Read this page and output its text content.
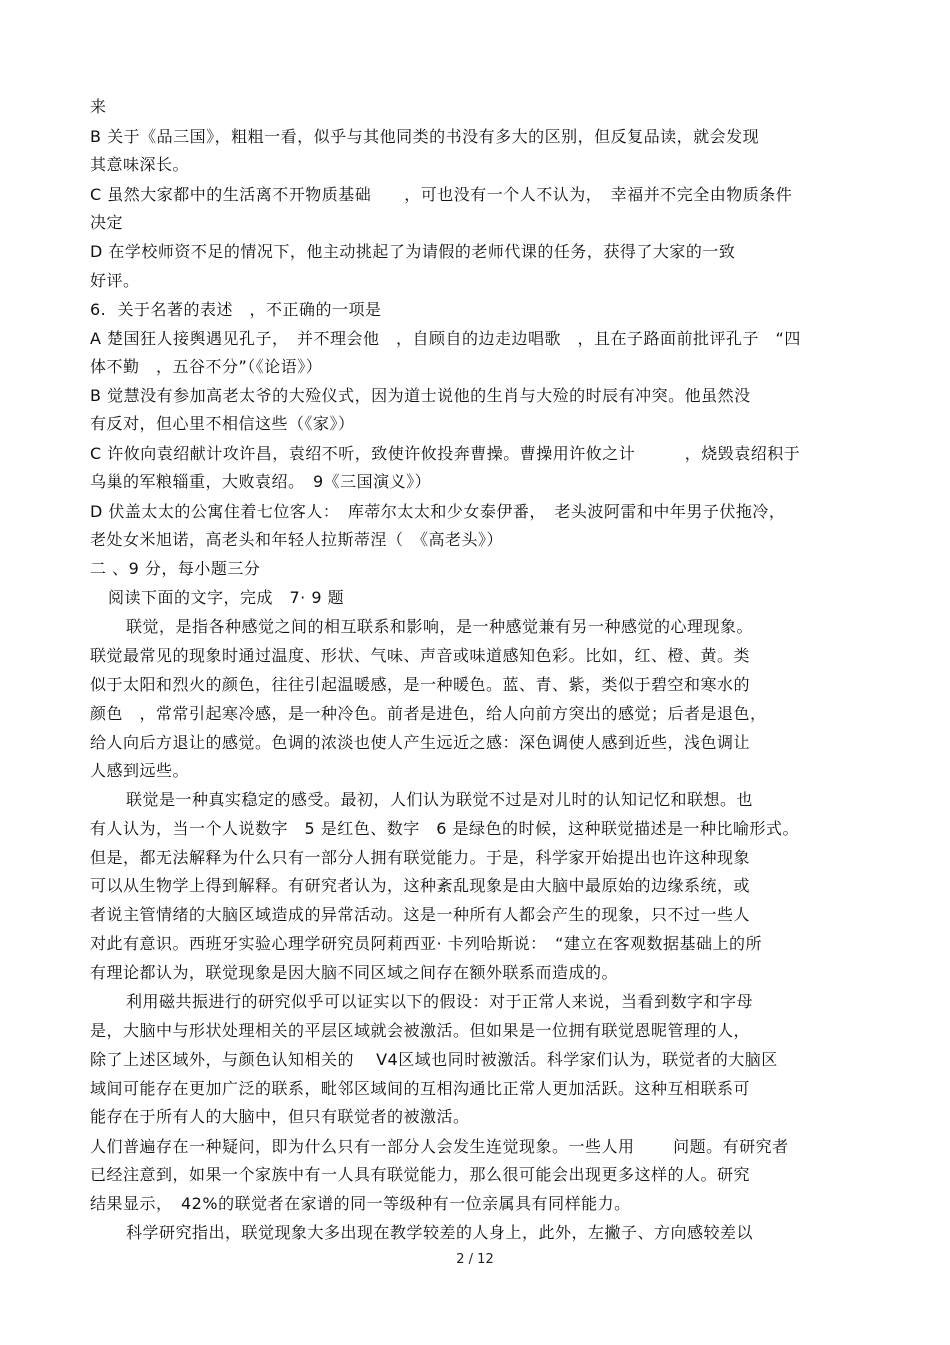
来
B 关于《品三国》，粗粗一看，似乎与其他同类的书没有多大的区别，但反复品读，就会发现
其意味深长。
C 虽然大家都中的生活离不开物质基础　　，可也没有一个人不认为，　幸福并不完全由物质条件
决定
D 在学校师资不足的情况下，他主动挑起了为请假的老师代课的任务，获得了大家的一致
好评。
6.  关于名著的表述　，不正确的一项是
A 楚国狂人接舆遇见孔子，　并不理会他　，自顾自的边走边唱歌　，且在子路面前批评孔子　“四
体不勤　，五谷不分”（《论语》）
B 觉慧没有参加高老太爷的大殓仪式，因为道士说他的生肖与大殓的时辰有冲突。他虽然没
有反对，但心里不相信这些（《家》）
C 许攸向袁绍献计攻许昌，袁绍不听，致使许攸投奔曹操。曹操用许攸之计　　　，烧毁袁绍积于
乌巢的军粮辎重，大败袁绍。　9《三国演义》）
D 伏盖太太的公寓住着七位客人：　库蒂尔太太和少女泰伊番，　老头波阿雷和中年男子伏拖冷，
老处女米旭诺，高老头和年轻人拉斯蒂涅（　《高老头》）
二 、9 分，每小题三分
阅读下面的文字，完成　7· 9 题
联觉，是指各种感觉之间的相互联系和影响，是一种感觉兼有另一种感觉的心理现象。
联觉最常见的现象时通过温度、形状、气味、声音或味道感知色彩。比如，红、橙、黄。类
似于太阳和烈火的颜色，往往引起温暖感，是一种暖色。蓝、青、紫，类似于碧空和寒水的
颜色　，常常引起寒冷感，是一种冷色。前者是进色，给人向前方突出的感觉；后者是退色，
给人向后方退让的感觉。色调的浓淡也使人产生远近之感：深色调使人感到近些，浅色调让
人感到远些。
联觉是一种真实稳定的感受。最初，人们认为联觉不过是对儿时的认知记忆和联想。也
有人认为，当一个人说数字　5 是红色、数字　6 是绿色的时候，这种联觉描述是一种比喻形式。
但是，都无法解释为什么只有一部分人拥有联觉能力。于是，科学家开始提出也许这种现象
可以从生物学上得到解释。有研究者认为，这种紊乱现象是由大脑中最原始的边缘系统，或
者说主管情绪的大脑区域造成的异常活动。这是一种所有人都会产生的现象，只不过一些人
对此有意识。西班牙实验心理学研究员阿莉西亚· 卡列哈斯说：　“建立在客观数据基础上的所
有理论都认为，联觉现象是因大脑不同区域之间存在额外联系而造成的。
利用磁共振进行的研究似乎可以证实以下的假设：对于正常人来说，当看到数字和字母
是，大脑中与形状处理相关的平层区域就会被激活。但如果是一位拥有联觉恩昵管理的人，
除了上述区域外，与颜色认知相关的　 V4区域也同时被激活。科学家们认为，联觉者的大脑区
域间可能存在更加广泛的联系，毗邻区域间的互相沟通比正常人更加活跃。这种互相联系可
能存在于所有人的大脑中，但只有联觉者的被激活。
人们普遍存在一种疑问，即为什么只有一部分人会发生连觉现象。一些人用　　 问题。有研究者
已经注意到，如果一个家族中有一人具有联觉能力，那么很可能会出现更多这样的人。研究
结果显示，　42%的联觉者在家谱的同一等级种有一位亲属具有同样能力。
科学研究指出，联觉现象大多出现在教学较差的人身上，此外，左撇子、方向感较差以
2 / 12
